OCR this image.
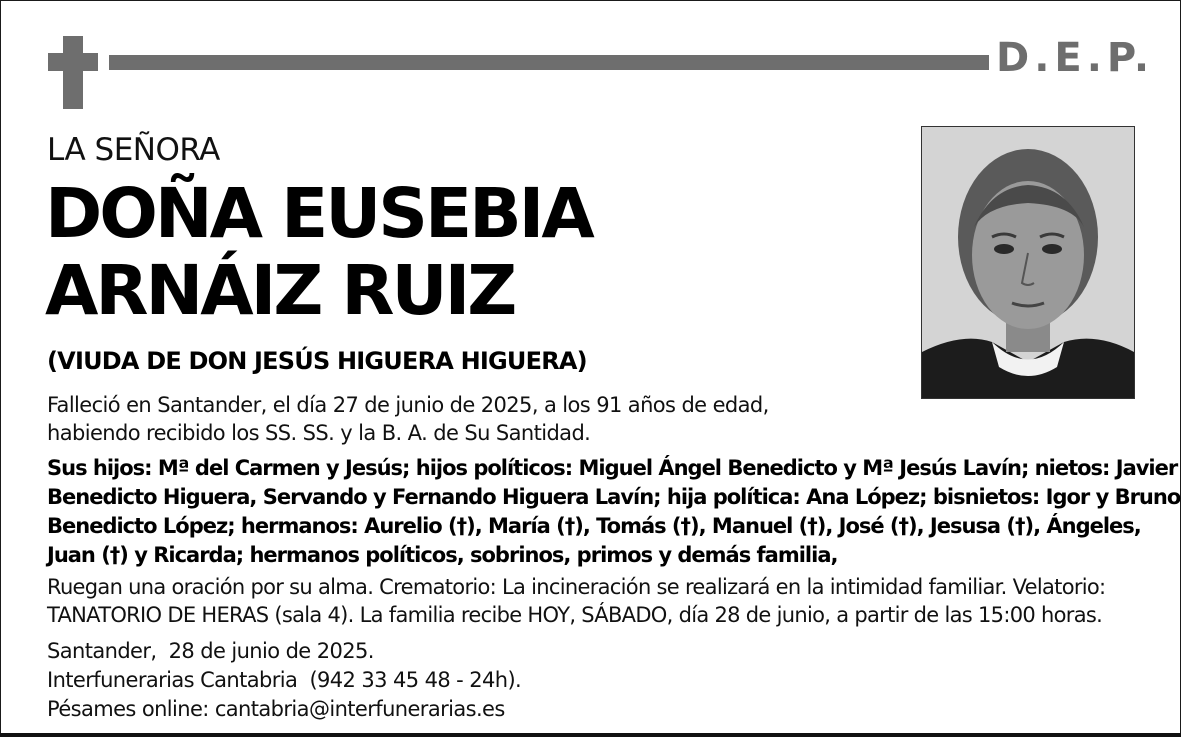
D.E.P.
LA SEÑORA
DOÑA EUSEBIA
ARNÁIZ RUIZ
(VIUDA DE DON JESÚS HIGUERA HIGUERA)
Falleció en Santander, el día 27 de junio de 2025, a los 91 años de edad,
habiendo recibido los SS. SS. y la B. A. de Su Santidad.
Sus hijos: Mª del Carmen y Jesús; hijos políticos: Miguel Ángel Benedicto y Mª Jesús Lavín; nietos: Javier
Benedicto Higuera, Servando y Fernando Higuera Lavín; hija política: Ana López; bisnietos: Igor y Bruno
Benedicto López; hermanos: Aurelio (†), María (†), Tomás (†), Manuel (†), José (†), Jesusa (†), Ángeles,
Juan (†) y Ricarda; hermanos políticos, sobrinos, primos y demás familia,
Ruegan una oración por su alma. Crematorio: La incineración se realizará en la intimidad familiar. Velatorio:
TANATORIO DE HERAS (sala 4). La familia recibe HOY, SÁBADO, día 28 de junio, a partir de las 15:00 horas.
Santander,  28 de junio de 2025.
Interfunerarias Cantabria  (942 33 45 48 - 24h).
Pésames online: cantabria@interfunerarias.es
